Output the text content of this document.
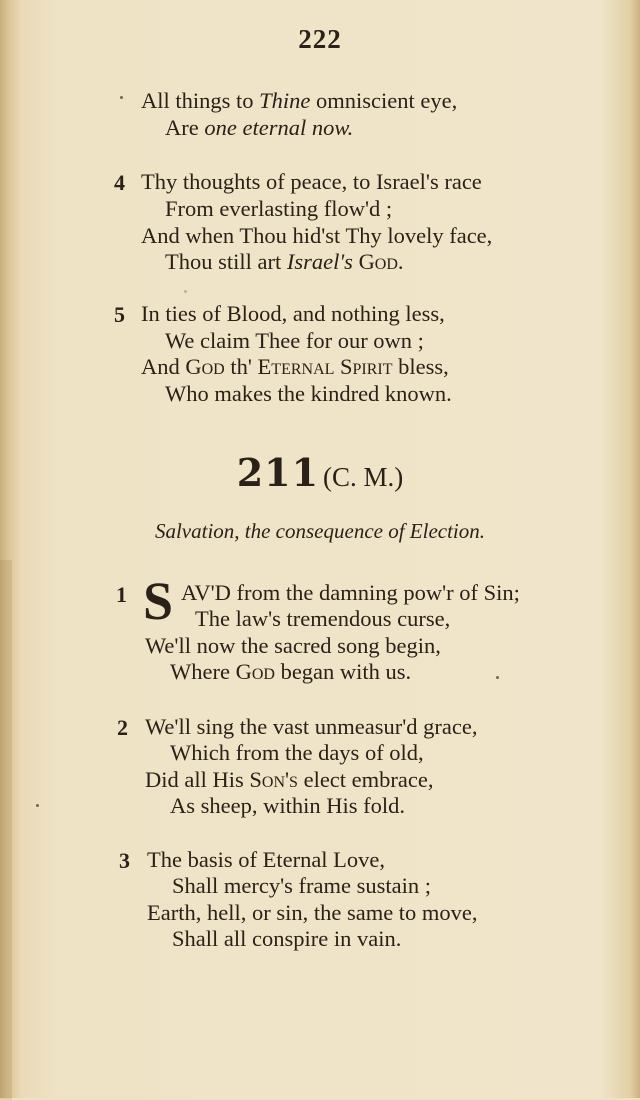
222
All things to Thine omniscient eye,
Are one eternal now.
4 Thy thoughts of peace, to Israel's race
From everlasting flow'd ;
And when Thou hid'st Thy lovely face,
Thou still art Israel's God.
5 In ties of Blood, and nothing less,
We claim Thee for our own ;
And God th' Eternal Spirit bless,
Who makes the kindred known.
211 (C. M.)
Salvation, the consequence of Election.
1 S AV'D from the damning pow'r of Sin;
The law's tremendous curse,
We'll now the sacred song begin,
Where God began with us.
2 We'll sing the vast unmeasur'd grace,
Which from the days of old,
Did all His Son's elect embrace,
As sheep, within His fold.
3 The basis of Eternal Love,
Shall mercy's frame sustain ;
Earth, hell, or sin, the same to move,
Shall all conspire in vain.
